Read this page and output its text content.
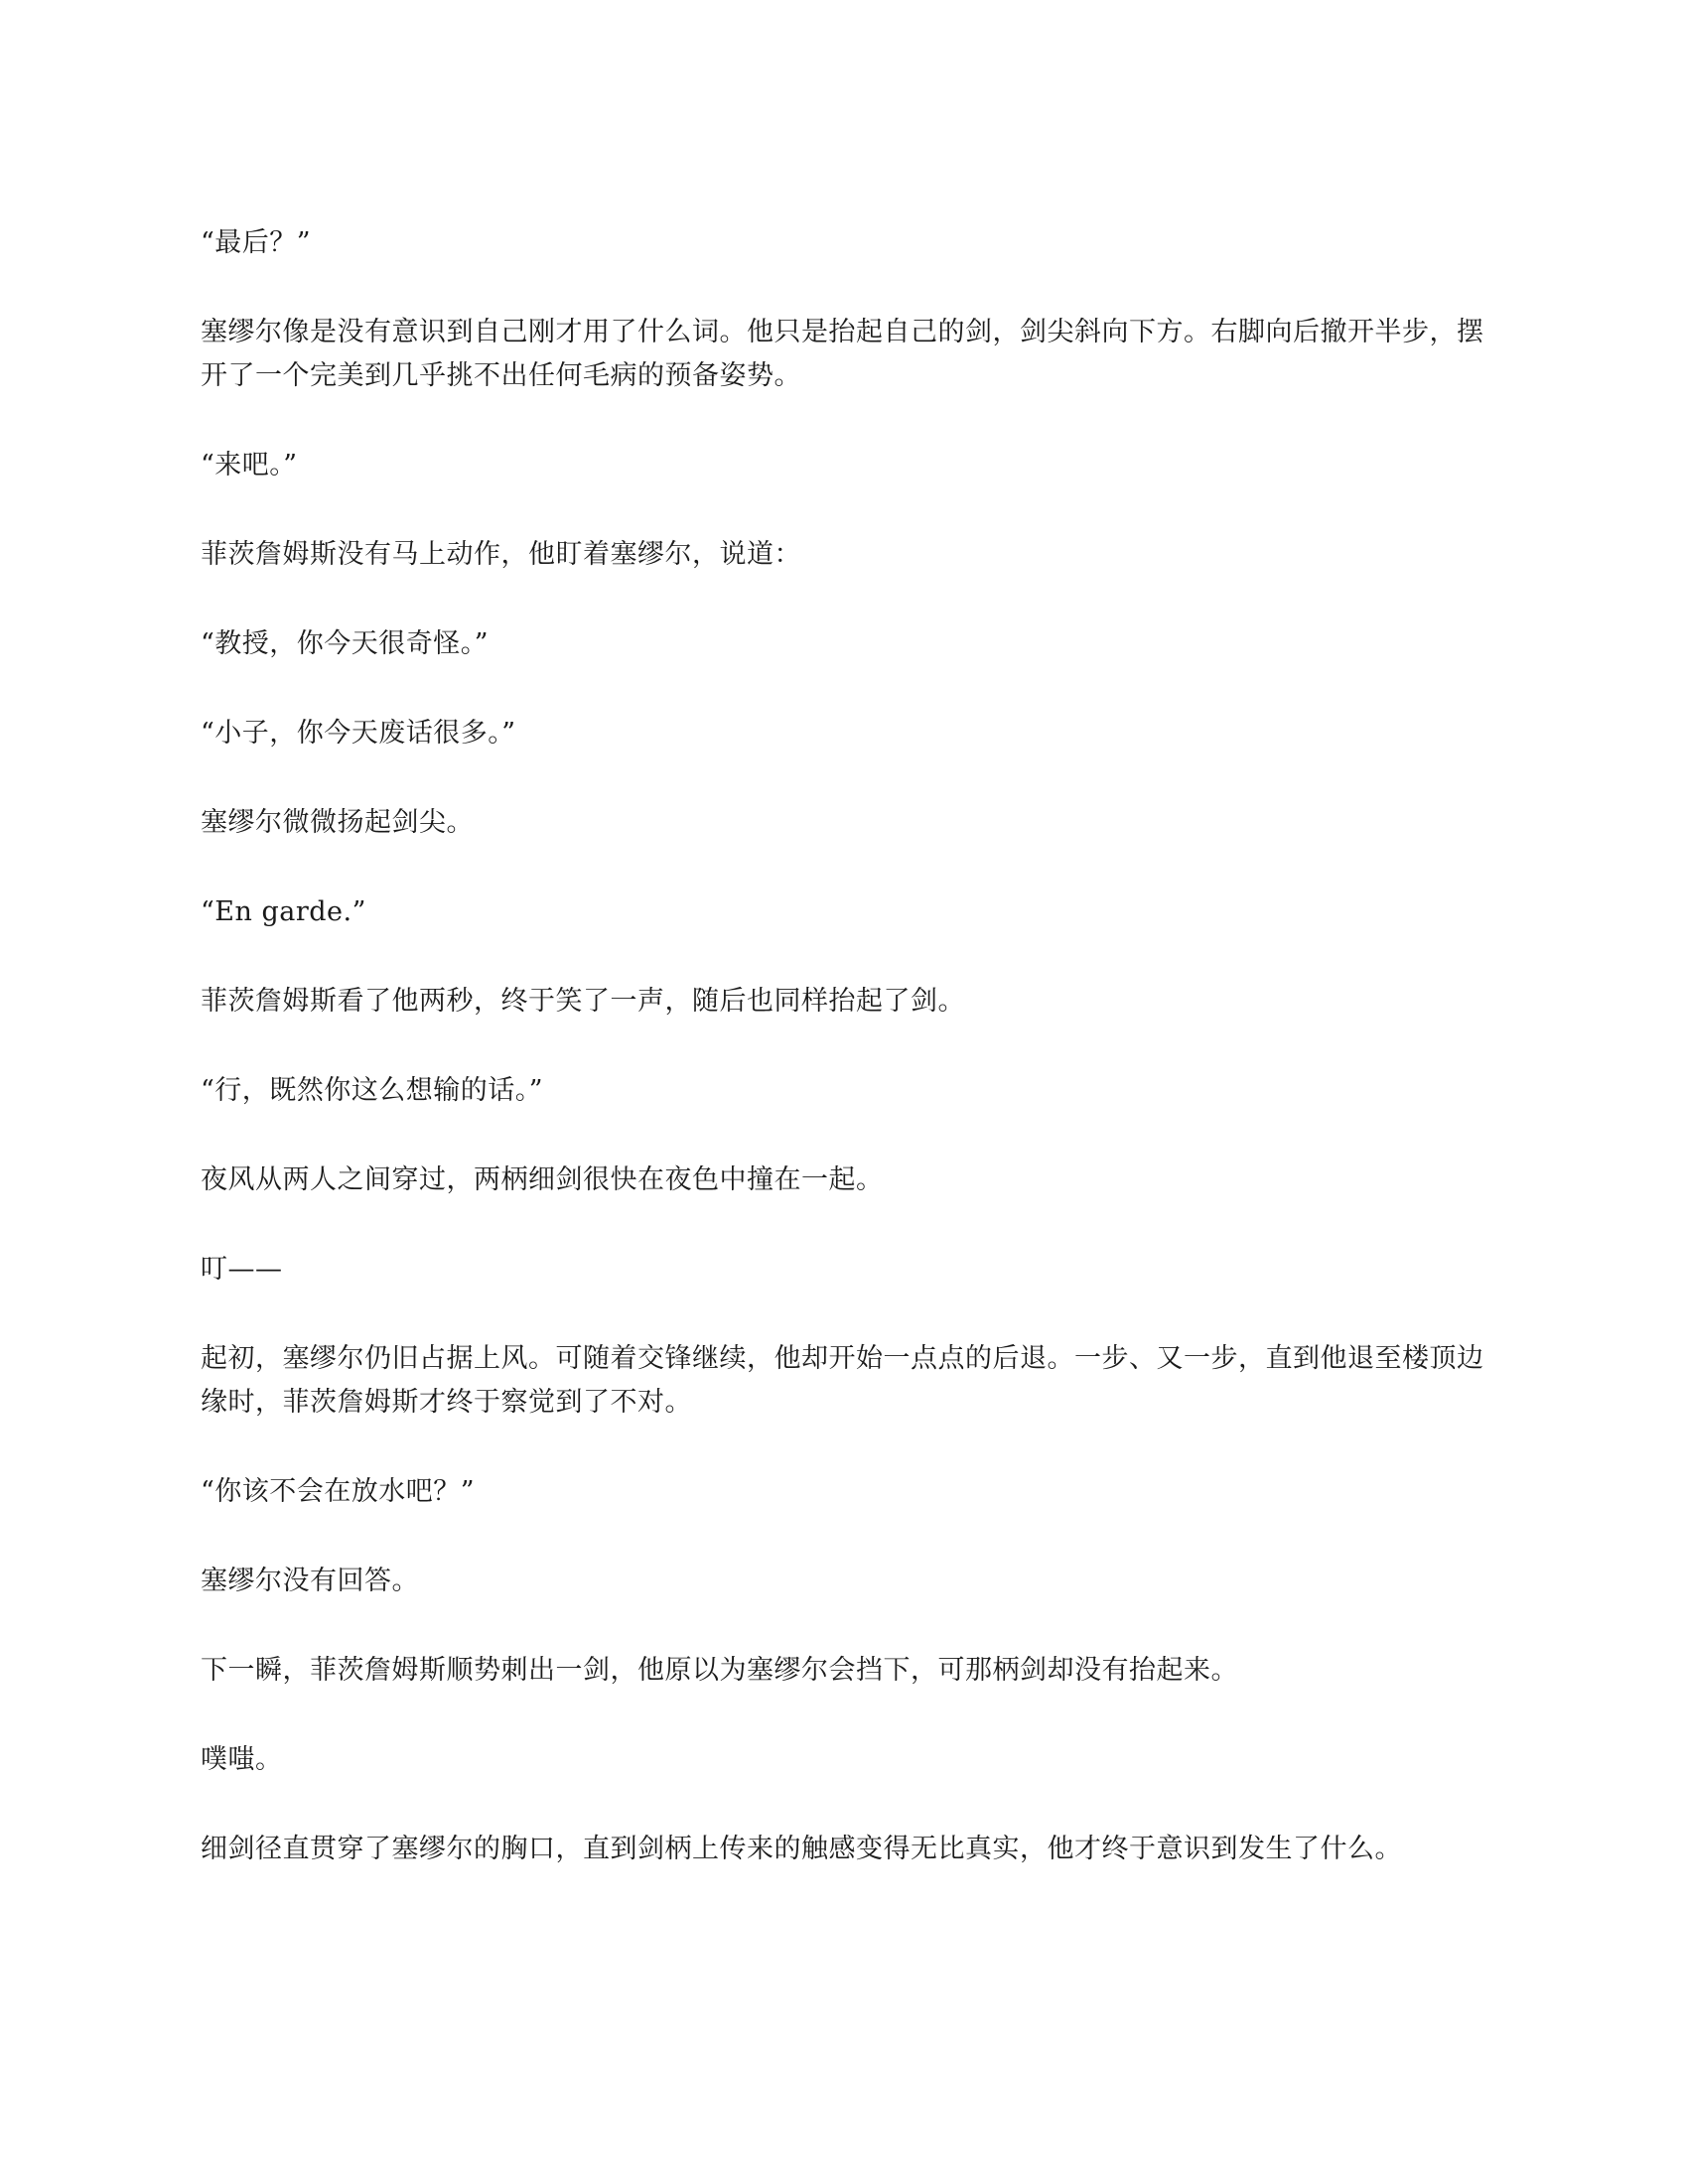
“最后？”

塞缪尔像是没有意识到自己刚才用了什么词。他只是抬起自己的剑，剑尖斜向下方。右脚向后撤开半步，摆开了一个完美到几乎挑不出任何毛病的预备姿势。

“来吧。”

菲茨詹姆斯没有马上动作，他盯着塞缪尔，说道：

“教授，你今天很奇怪。”

“小子，你今天废话很多。”

塞缪尔微微扬起剑尖。

“En garde.”

菲茨詹姆斯看了他两秒，终于笑了一声，随后也同样抬起了剑。

“行，既然你这么想输的话。”

夜风从两人之间穿过，两柄细剑很快在夜色中撞在一起。

叮——

起初，塞缪尔仍旧占据上风。可随着交锋继续，他却开始一点点的后退。一步、又一步，直到他退至楼顶边缘时，菲茨詹姆斯才终于察觉到了不对。

“你该不会在放水吧？”

塞缪尔没有回答。

下一瞬，菲茨詹姆斯顺势刺出一剑，他原以为塞缪尔会挡下，可那柄剑却没有抬起来。

噗嗤。

细剑径直贯穿了塞缪尔的胸口，直到剑柄上传来的触感变得无比真实，他才终于意识到发生了什么。
